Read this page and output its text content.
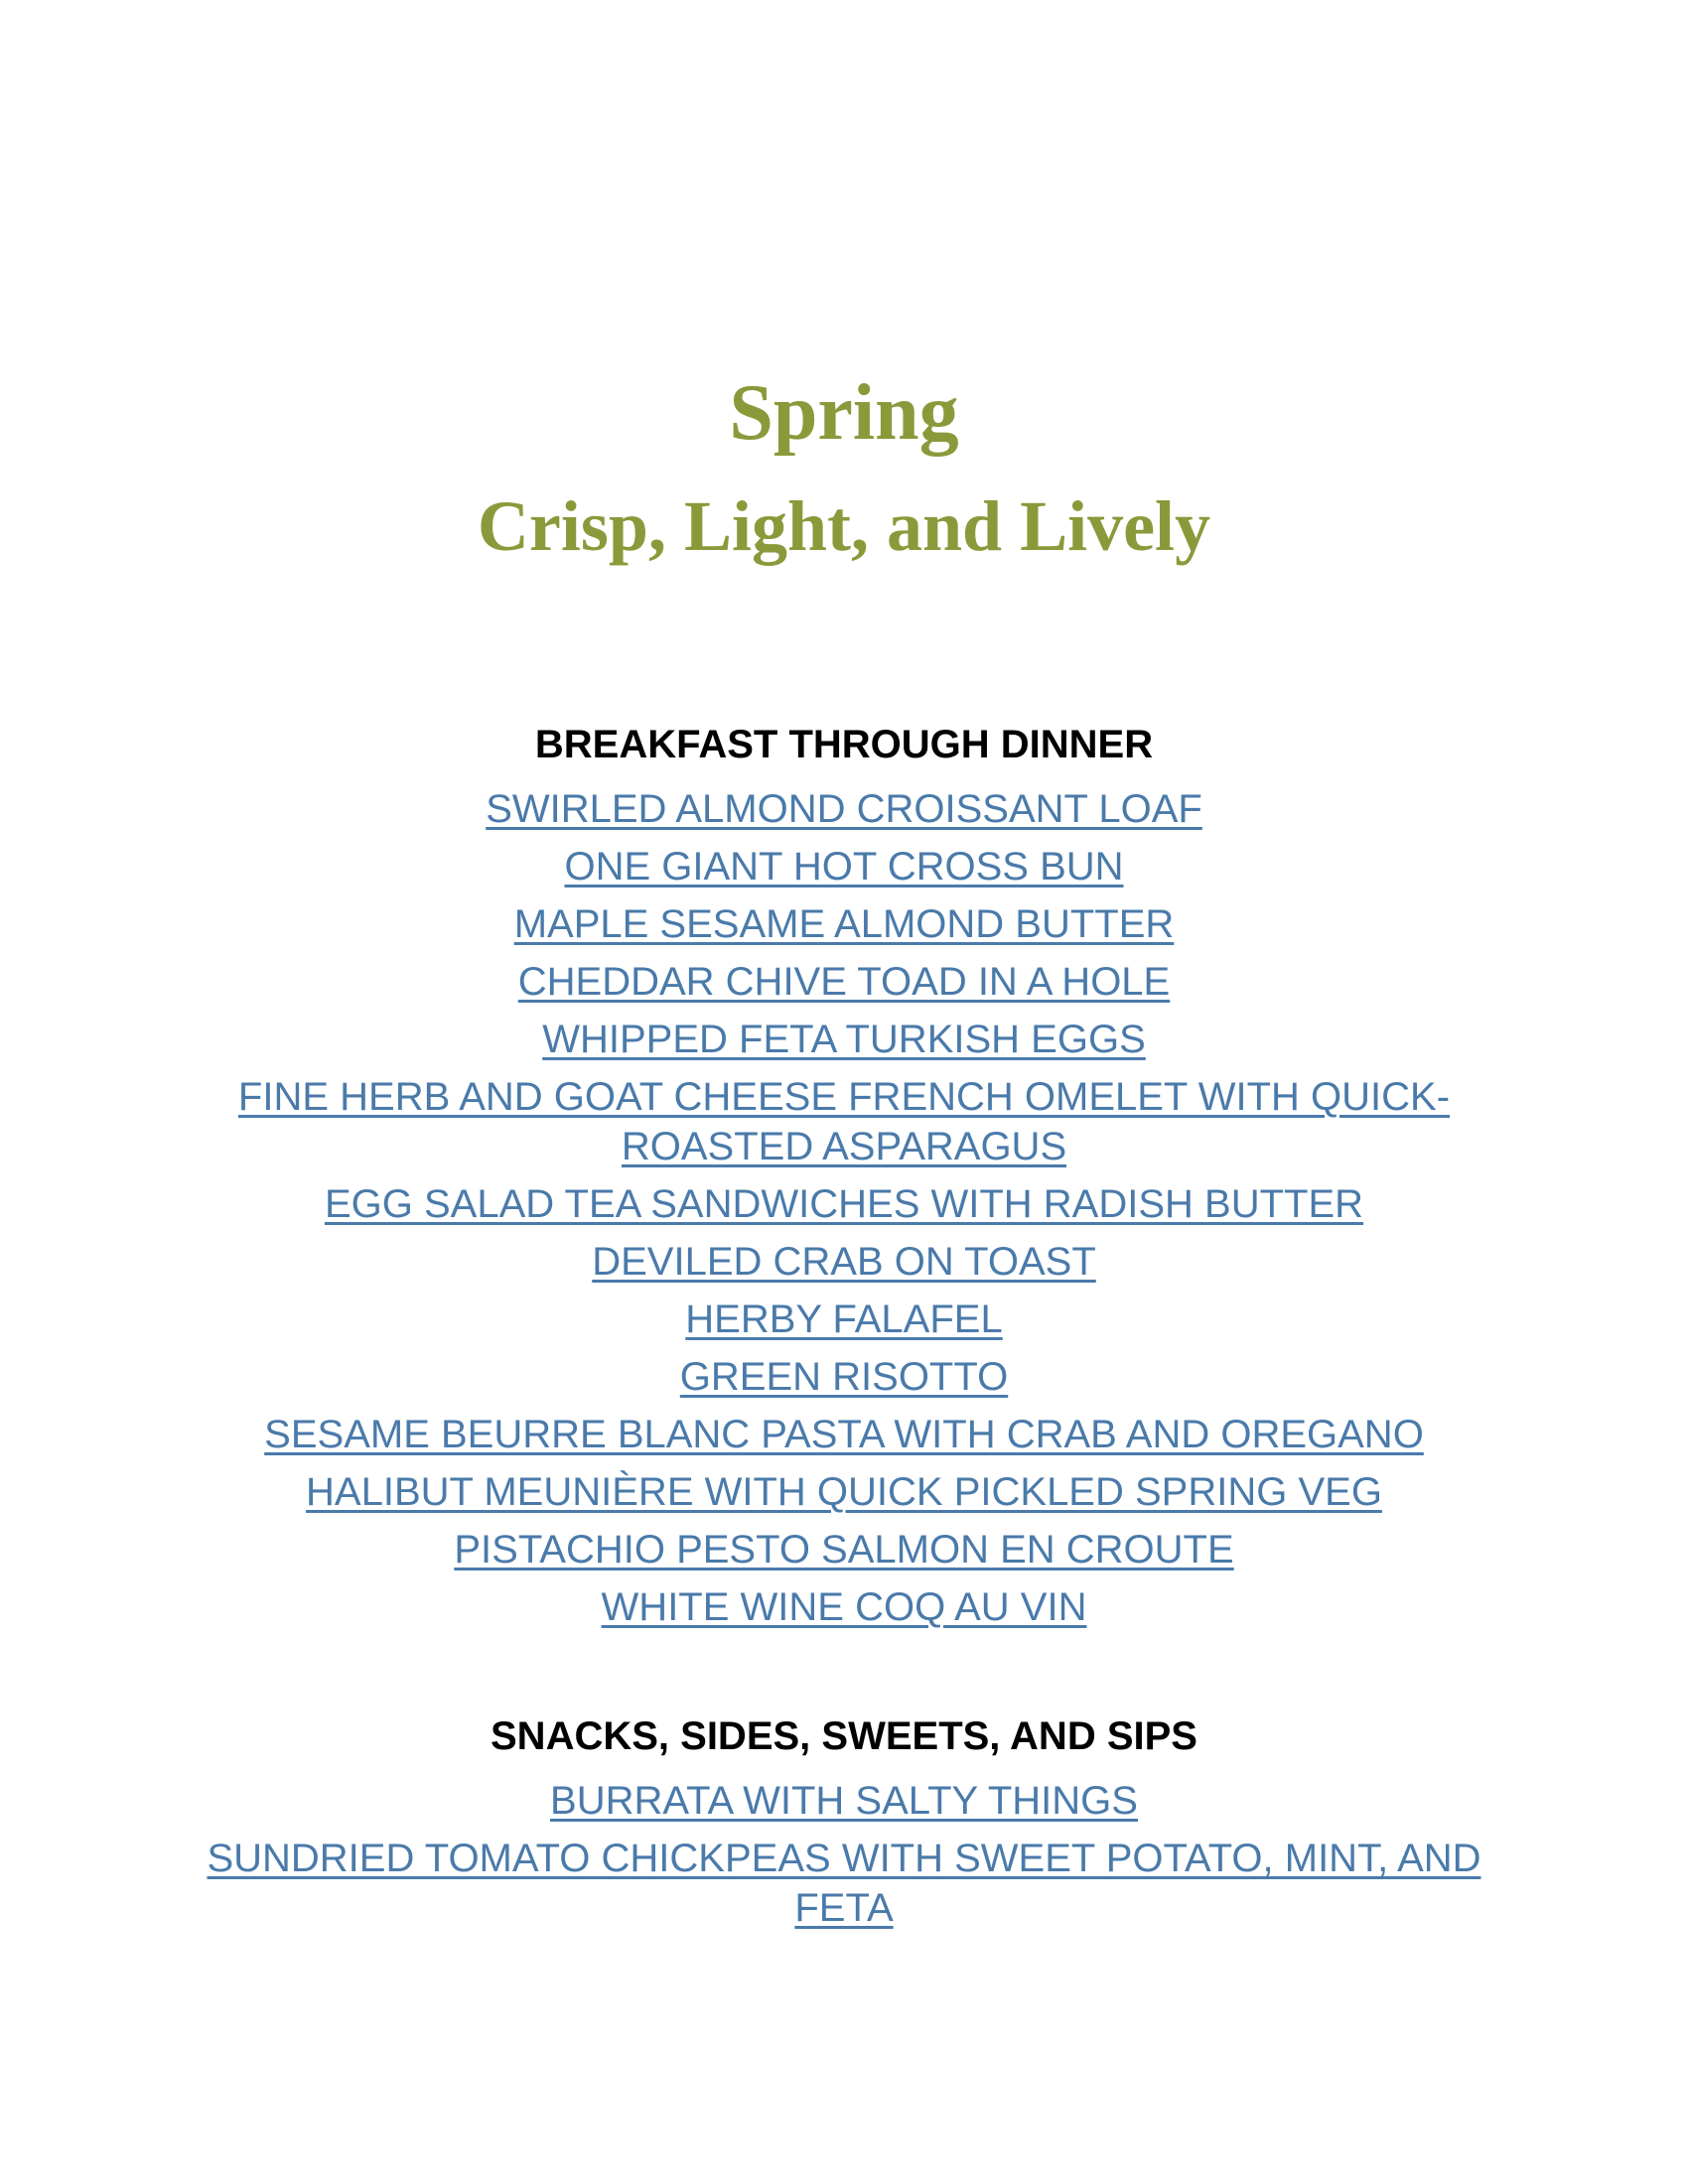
Spring
Crisp, Light, and Lively
BREAKFAST THROUGH DINNER
SWIRLED ALMOND CROISSANT LOAF
ONE GIANT HOT CROSS BUN
MAPLE SESAME ALMOND BUTTER
CHEDDAR CHIVE TOAD IN A HOLE
WHIPPED FETA TURKISH EGGS
FINE HERB AND GOAT CHEESE FRENCH OMELET WITH QUICK-ROASTED ASPARAGUS
EGG SALAD TEA SANDWICHES WITH RADISH BUTTER
DEVILED CRAB ON TOAST
HERBY FALAFEL
GREEN RISOTTO
SESAME BEURRE BLANC PASTA WITH CRAB AND OREGANO
HALIBUT MEUNIÈRE WITH QUICK PICKLED SPRING VEG
PISTACHIO PESTO SALMON EN CROUTE
WHITE WINE COQ AU VIN
SNACKS, SIDES, SWEETS, AND SIPS
BURRATA WITH SALTY THINGS
SUNDRIED TOMATO CHICKPEAS WITH SWEET POTATO, MINT, AND FETA
